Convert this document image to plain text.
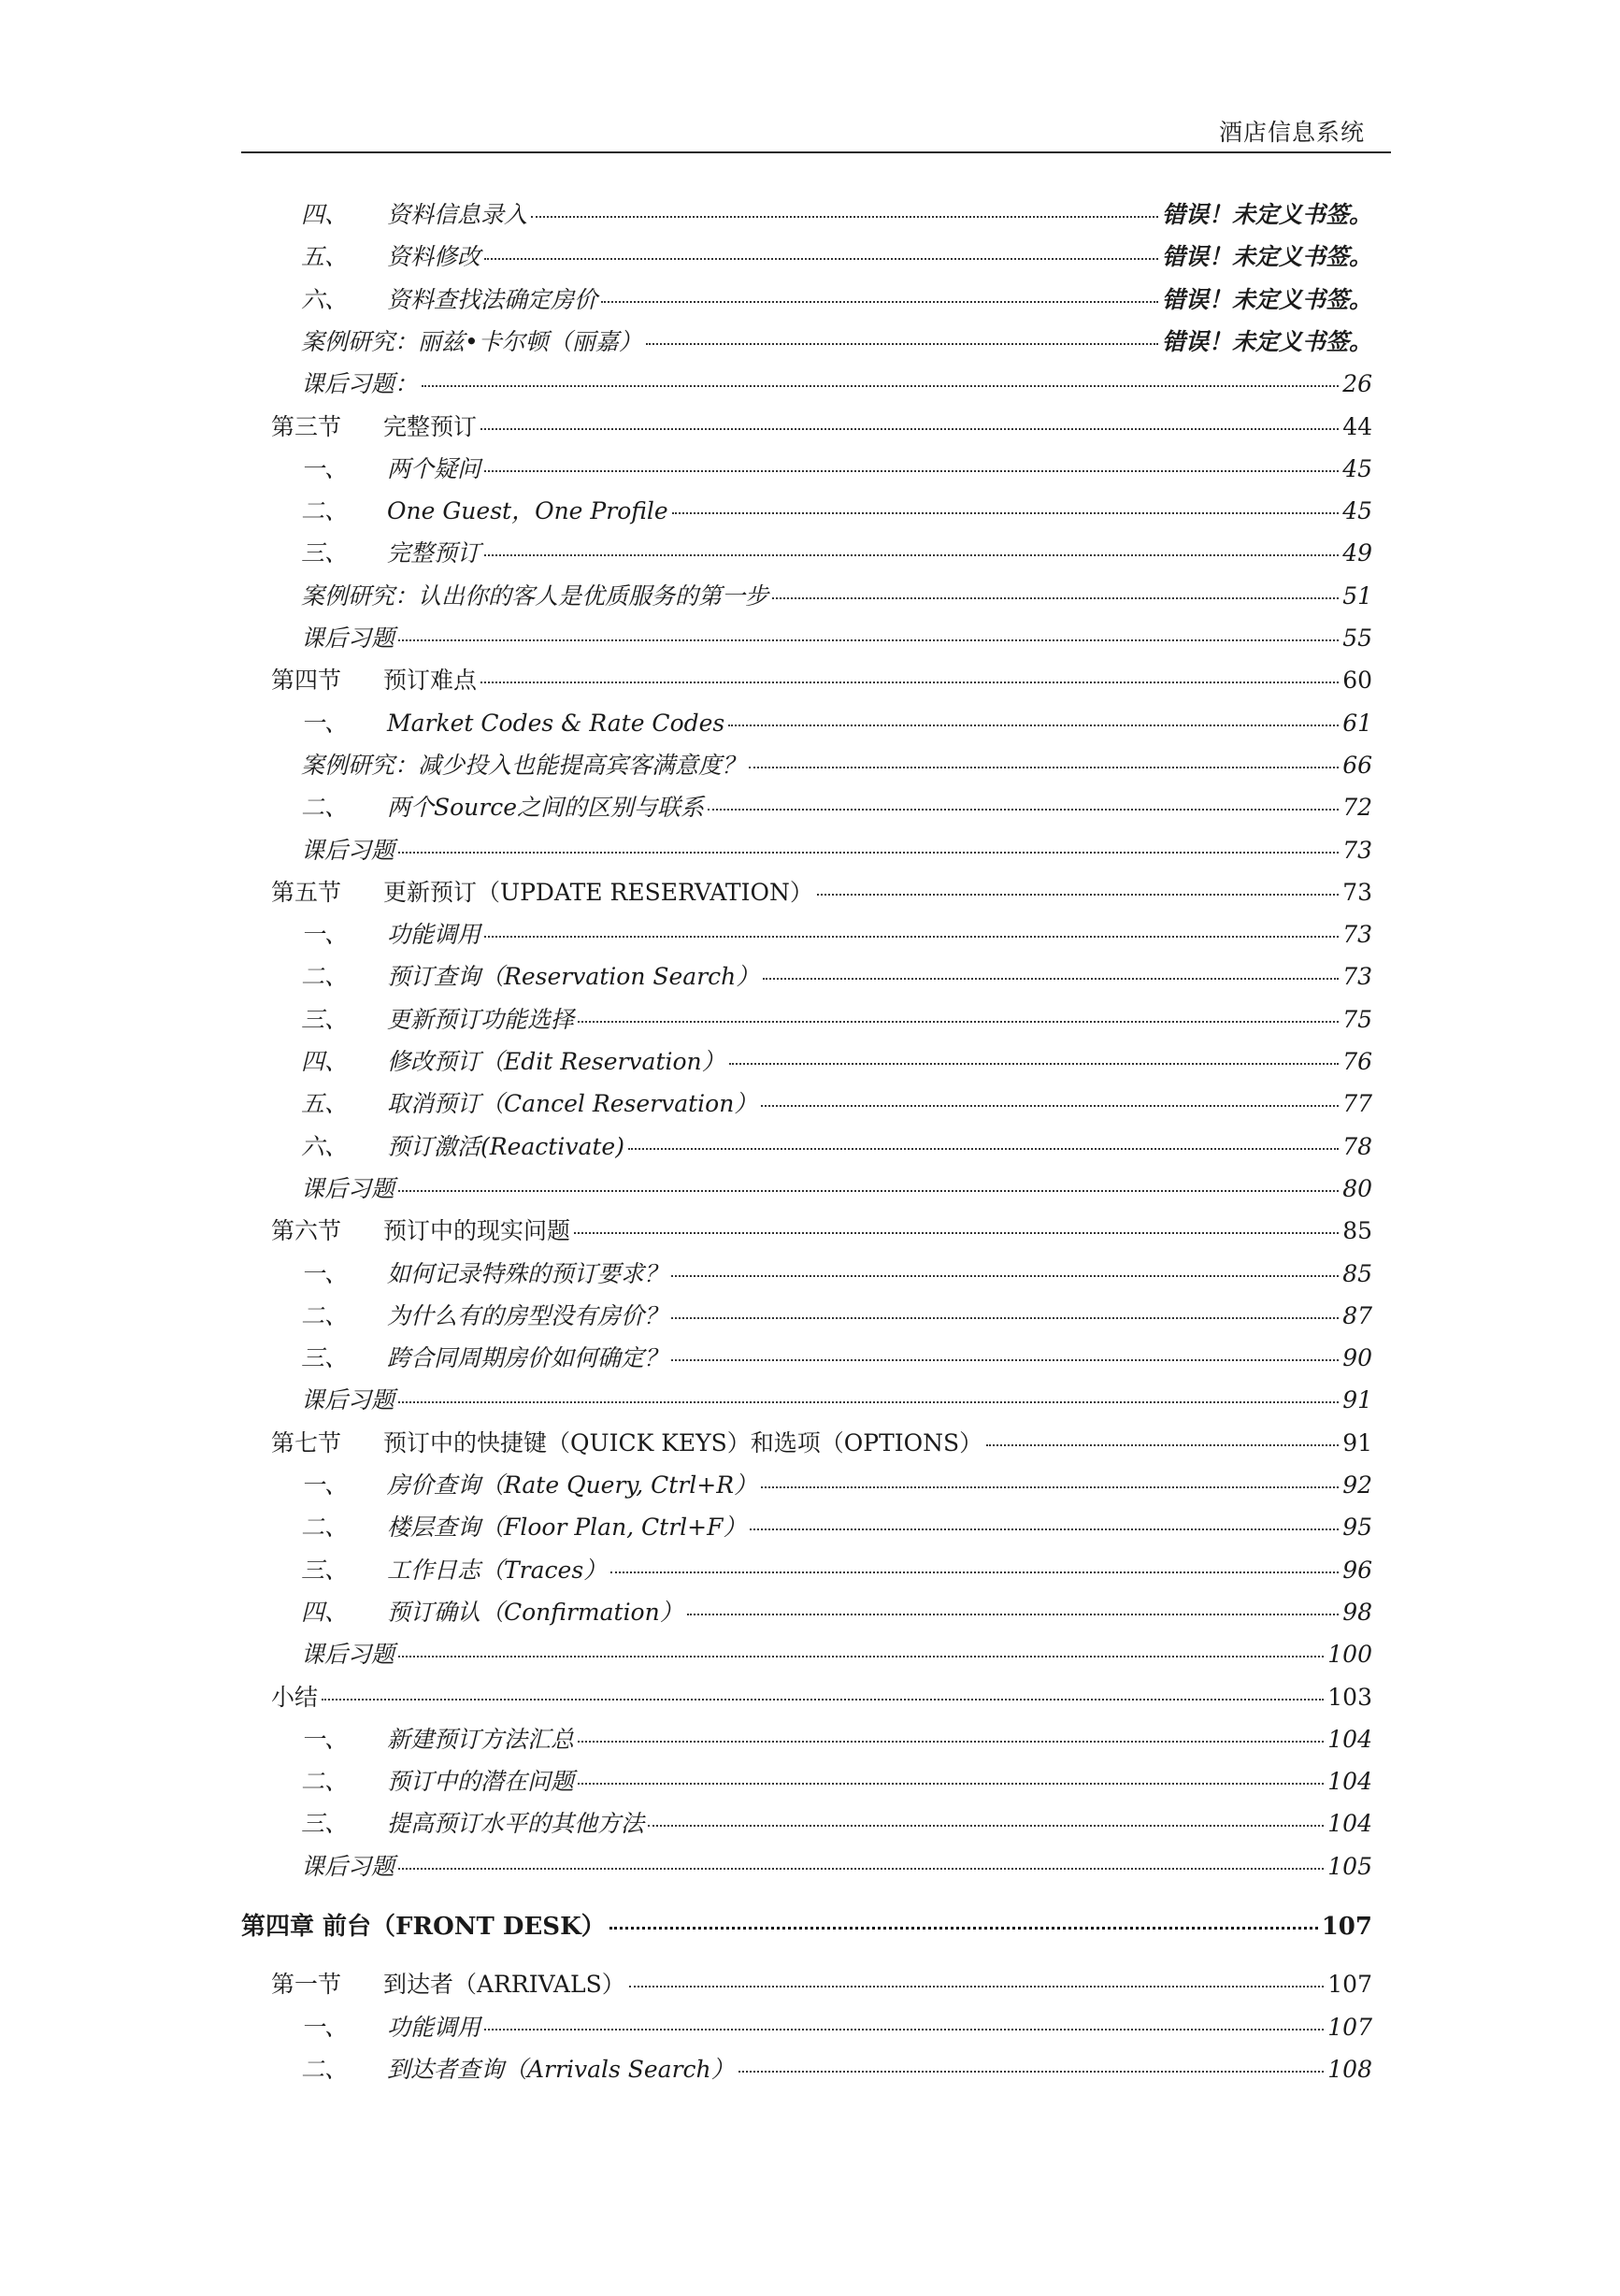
酒店信息系统
四、	资料信息录入	错误！未定义书签。
五、	资料修改	错误！未定义书签。
六、	资料查找法确定房价	错误！未定义书签。
案例研究：丽兹•卡尔顿（丽嘉）	错误！未定义书签。
课后习题：	26
第三节	完整预订	44
一、	两个疑问	45
二、	One Guest，One Profile	45
三、	完整预订	49
案例研究：认出你的客人是优质服务的第一步	51
课后习题	55
第四节	预订难点	60
一、	Market Codes & Rate Codes	61
案例研究：减少投入也能提高宾客满意度？	66
二、	两个Source之间的区别与联系	72
课后习题	73
第五节	更新预订（UPDATE RESERVATION）	73
一、	功能调用	73
二、	预订查询（Reservation Search）	73
三、	更新预订功能选择	75
四、	修改预订（Edit Reservation）	76
五、	取消预订（Cancel Reservation）	77
六、	预订激活(Reactivate)	78
课后习题	80
第六节	预订中的现实问题	85
一、	如何记录特殊的预订要求？	85
二、	为什么有的房型没有房价？	87
三、	跨合同周期房价如何确定？	90
课后习题	91
第七节	预订中的快捷键（QUICK KEYS）和选项（OPTIONS）	91
一、	房价查询（Rate Query, Ctrl+R）	92
二、	楼层查询（Floor Plan, Ctrl+F）	95
三、	工作日志（Traces）	96
四、	预订确认（Confirmation）	98
课后习题	100
小结	103
一、	新建预订方法汇总	104
二、	预订中的潜在问题	104
三、	提高预订水平的其他方法	104
课后习题	105
第四章 前台（FRONT DESK）	107
第一节	到达者（ARRIVALS）	107
一、	功能调用	107
二、	到达者查询（Arrivals Search）	108
